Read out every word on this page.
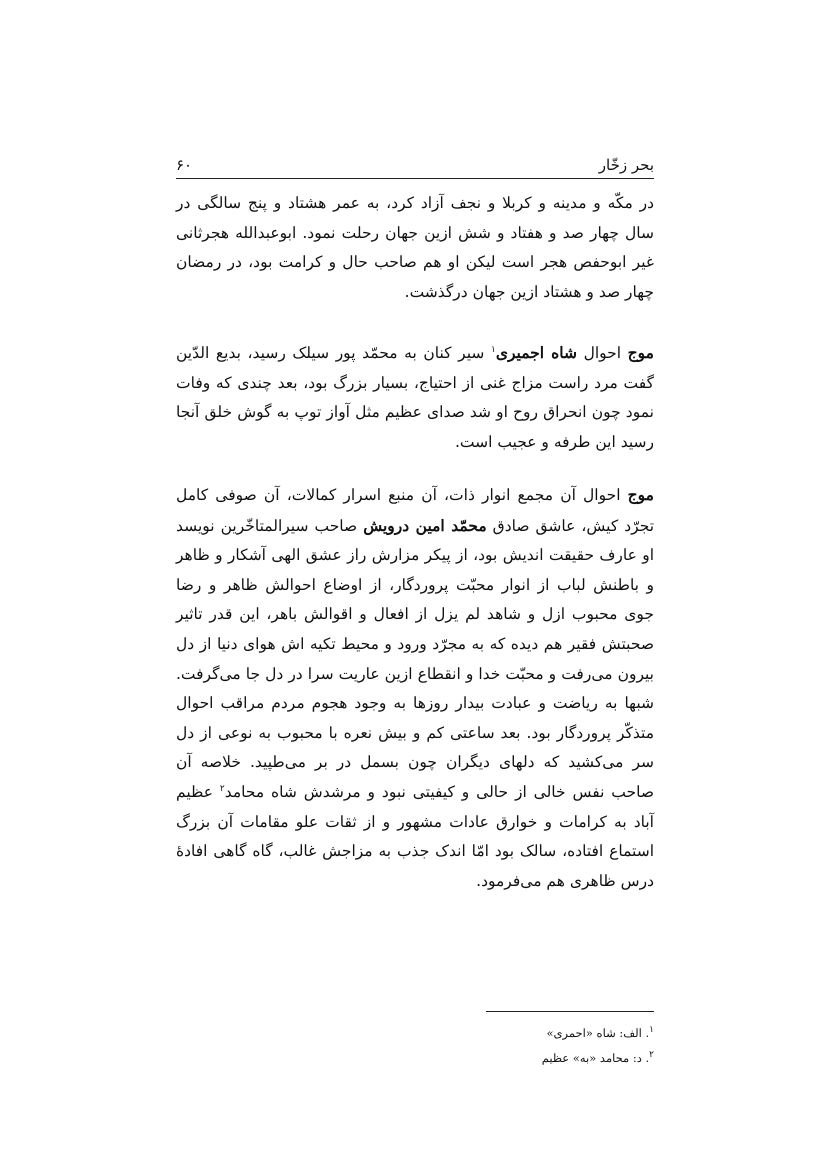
بحر زخّار
۶۰

در مکّه و مدینه و کربلا و نجف آزاد کرد، به عمر هشتاد و پنج سالگی در سال چهار صد و هفتاد و شش ازین جهان رحلت نمود. ابوعبدالله هجرثانی غیر ابوحفص هجر است لیکن او هم صاحب حال و کرامت بود، در رمضان چهار صد و هشتاد ازین جهان درگذشت.

موج احوال شاه اجمیری$^۱$ سیر کنان به محمّد پور سیلک رسید، بدیع الدّین گفت مرد راست مزاج غنی از احتیاج، بسیار بزرگ بود، بعد چندی که وفات نمود چون انحراق روح او شد صدای عظیم مثل آواز توپ به گوش خلق آنجا رسید این طرفه و عجیب است.

موج احوال آن مجمع انوار ذات، آن منبع اسرار کمالات، آن صوفی کامل تجرّد کیش، عاشق صادق محمّد امین درویش صاحب سیرالمتاخّرین نویسد او عارف حقیقت اندیش بود، از پیکر مزارش راز عشق الهی آشکار و ظاهر و باطنش لباب از انوار محبّت پروردگار، از اوضاع احوالش ظاهر و رضا جوی محبوب ازل و شاهد لم یزل از افعال و اقوالش باهر، این قدر تاثیر صحبتش فقیر هم دیده که به مجرّد ورود و محیط تکیه اش هوای دنیا از دل بیرون می‌رفت و محبّت خدا و انقطاع ازین عاریت سرا در دل جا می‌گرفت. شبها به ریاضت و عبادت بیدار روزها به وجود هجوم مردم مراقب احوال متذکّر پروردگار بود. بعد ساعتی کم و بیش نعره با محبوب به نوعی از دل سر می‌کشید که دلهای دیگران چون بسمل در بر می‌طپید. خلاصه آن صاحب نفس خالی از حالی و کیفیتی نبود و مرشدش شاه محامد$^۲$ عظیم آباد به کرامات و خوارق عادات مشهور و از ثقات علو مقامات آن بزرگ استماع افتاده، سالک بود امّا اندک جذب به مزاجش غالب، گاه گاهی افادهٔ درس ظاهری هم می‌فرمود.

$^۱$. الف: شاه «احمری»
$^۲$. د: محامد «به» عظیم
